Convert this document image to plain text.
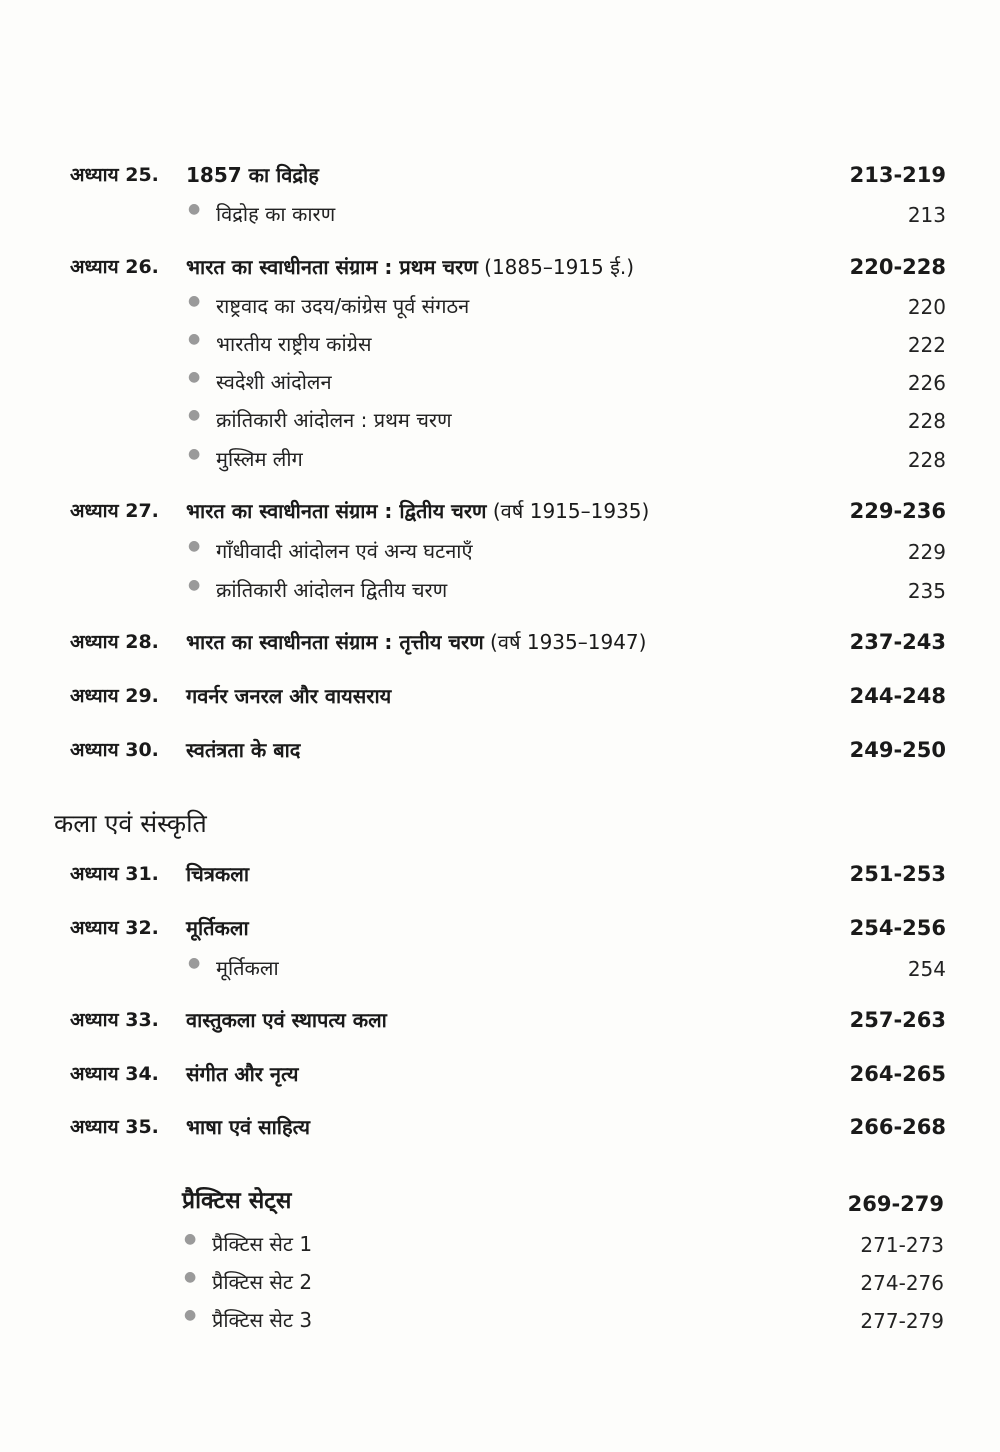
अध्याय 25. 1857 का विद्रोह	213-219
● विद्रोह का कारण	213
अध्याय 26. भारत का स्वाधीनता संग्राम : प्रथम चरण (1885–1915 ई.)	220-228
● राष्ट्रवाद का उदय/कांग्रेस पूर्व संगठन	220
● भारतीय राष्ट्रीय कांग्रेस	222
● स्वदेशी आंदोलन	226
● क्रांतिकारी आंदोलन : प्रथम चरण	228
● मुस्लिम लीग	228
अध्याय 27. भारत का स्वाधीनता संग्राम : द्वितीय चरण (वर्ष 1915–1935)	229-236
● गाँधीवादी आंदोलन एवं अन्य घटनाएँ	229
● क्रांतिकारी आंदोलन द्वितीय चरण	235
अध्याय 28. भारत का स्वाधीनता संग्राम : तृत्तीय चरण (वर्ष 1935–1947)	237-243
अध्याय 29. गवर्नर जनरल और वायसराय	244-248
अध्याय 30. स्वतंत्रता के बाद	249-250
कला एवं संस्कृति
अध्याय 31. चित्रकला	251-253
अध्याय 32. मूर्तिकला	254-256
● मूर्तिकला	254
अध्याय 33. वास्तुकला एवं स्थापत्य कला	257-263
अध्याय 34. संगीत और नृत्य	264-265
अध्याय 35. भाषा एवं साहित्य	266-268
प्रैक्टिस सेट्स	269-279
● प्रैक्टिस सेट 1	271-273
● प्रैक्टिस सेट 2	274-276
● प्रैक्टिस सेट 3	277-279
